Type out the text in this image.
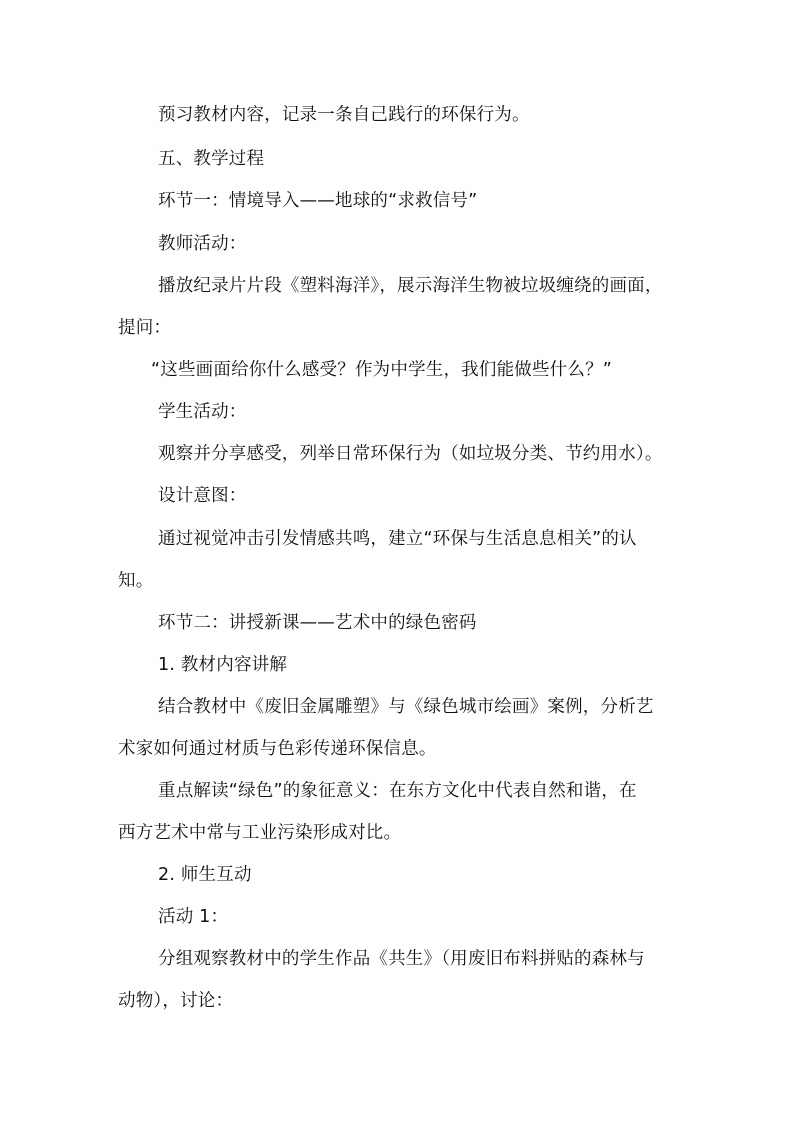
预习教材内容，记录一条自己践行的环保行为。
五、教学过程
环节一：情境导入——地球的“求救信号”
教师活动：
播放纪录片片段《塑料海洋》，展示海洋生物被垃圾缠绕的画面，
提问：
“这些画面给你什么感受？作为中学生，我们能做些什么？”
学生活动：
观察并分享感受，列举日常环保行为（如垃圾分类、节约用水）。
设计意图：
通过视觉冲击引发情感共鸣，建立“环保与生活息息相关”的认
知。
环节二：讲授新课——艺术中的绿色密码
1. 教材内容讲解
结合教材中《废旧金属雕塑》与《绿色城市绘画》案例，分析艺
术家如何通过材质与色彩传递环保信息。
重点解读“绿色”的象征意义：在东方文化中代表自然和谐，在
西方艺术中常与工业污染形成对比。
2. 师生互动
活动 1：
分组观察教材中的学生作品《共生》（用废旧布料拼贴的森林与
动物），讨论：
